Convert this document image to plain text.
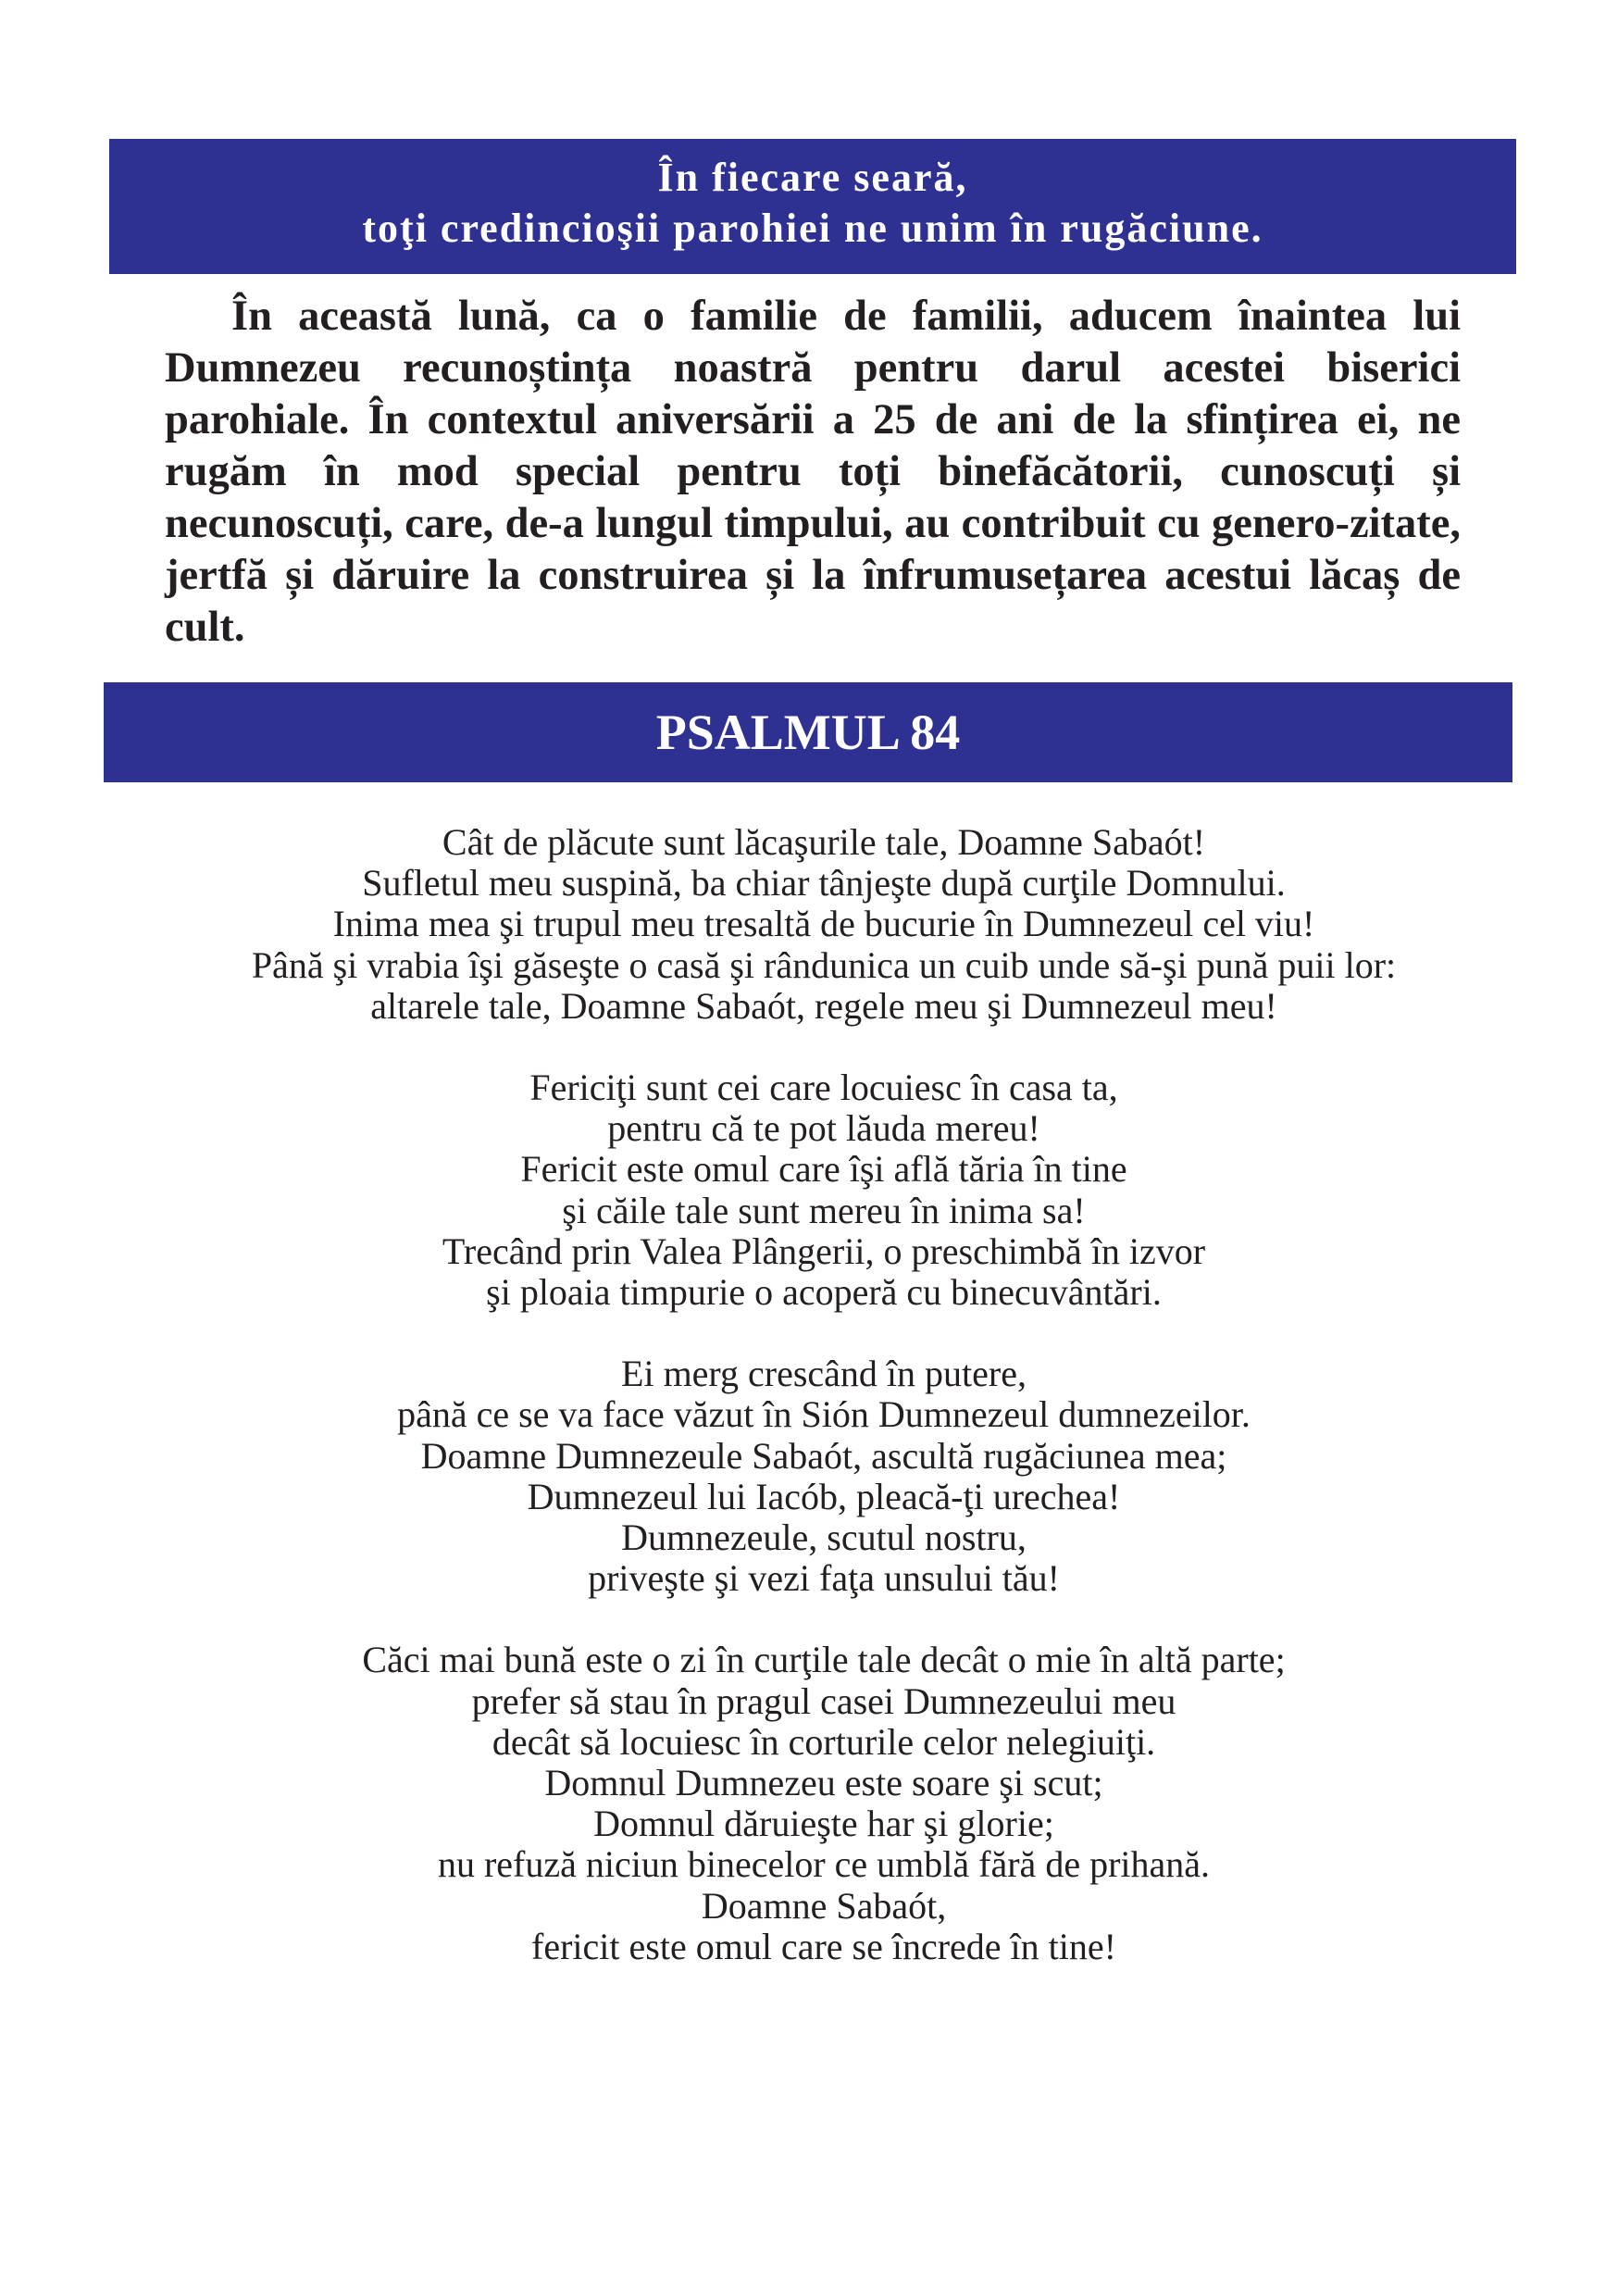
În fiecare seară,
toţi credincioşii parohiei ne unim în rugăciune.

În această lună, ca o familie de familii, aducem înaintea lui Dumnezeu recunoștința noastră pentru darul acestei biserici parohiale. În contextul aniversării a 25 de ani de la sfințirea ei, ne rugăm în mod special pentru toți binefăcătorii, cunoscuți și necunoscuți, care, de-a lungul timpului, au contribuit cu genero-zitate, jertfă și dăruire la construirea și la înfrumusețarea acestui lăcaș de cult.

PSALMUL 84
Cât de plăcute sunt lăcaşurile tale, Doamne Sabaót!
Sufletul meu suspină, ba chiar tânjeşte după curţile Domnului.
Inima mea şi trupul meu tresaltă de bucurie în Dumnezeul cel viu!
Până şi vrabia îşi găseşte o casă şi rândunica un cuib unde să-şi pună puii lor:
altarele tale, Doamne Sabaót, regele meu şi Dumnezeul meu!
Fericiţi sunt cei care locuiesc în casa ta,
pentru că te pot lăuda mereu!
Fericit este omul care îşi află tăria în tine
şi căile tale sunt mereu în inima sa!
Trecând prin Valea Plângerii, o preschimbă în izvor
şi ploaia timpurie o acoperă cu binecuvântări.
Ei merg crescând în putere,
până ce se va face văzut în Sión Dumnezeul dumnezeilor.
Doamne Dumnezeule Sabaót, ascultă rugăciunea mea;
Dumnezeul lui Iacób, pleacă-ţi urechea!
Dumnezeule, scutul nostru,
priveşte şi vezi faţa unsului tău!
Căci mai bună este o zi în curţile tale decât o mie în altă parte;
prefer să stau în pragul casei Dumnezeului meu
decât să locuiesc în corturile celor nelegiuiţi.
Domnul Dumnezeu este soare şi scut;
Domnul dăruieşte har şi glorie;
nu refuză niciun binecelor ce umblă fără de prihană.
Doamne Sabaót,
fericit este omul care se încrede în tine!
